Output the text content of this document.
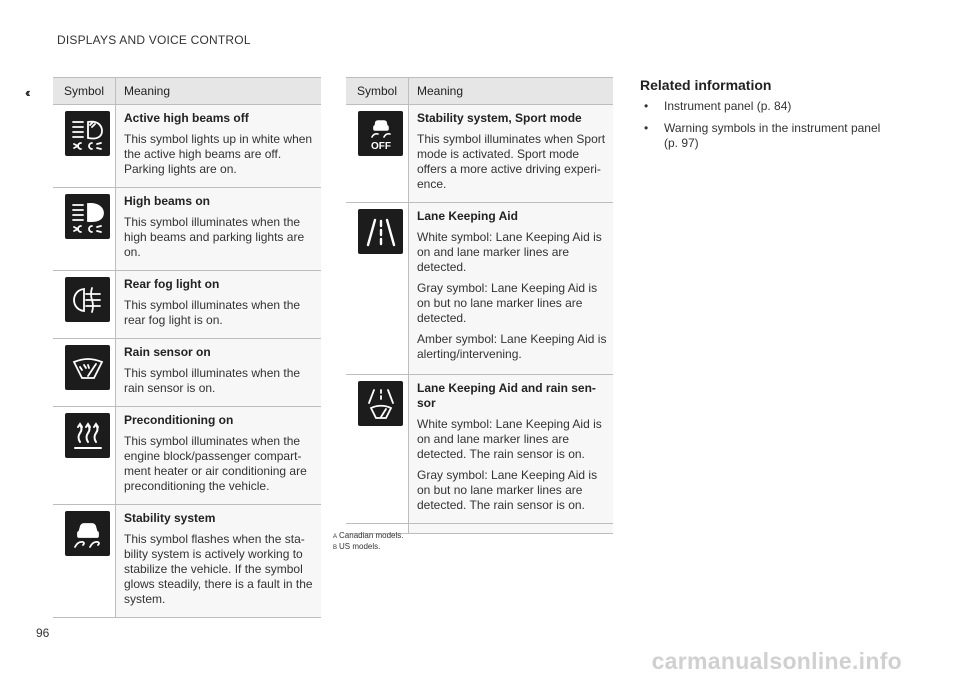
DISPLAYS AND VOICE CONTROL
‹‹	Symbol	Meaning

Active high beams off

This symbol lights up in white when the active high beams are off. Parking lights are on.

High beams on

This symbol illuminates when the high beams and parking lights are on.

Rear fog light on

This symbol illuminates when the rear fog light is on.

Rain sensor on

This symbol illuminates when the rain sensor is on.

Preconditioning on

This symbol illuminates when the engine block/passenger compart-ment heater or air conditioning are preconditioning the vehicle.

Stability system

This symbol flashes when the sta-bility system is actively working to stabilize the vehicle. If the symbol glows steadily, there is a fault in the system.

Symbol	Meaning

OFF	Stability system, Sport mode

This symbol illuminates when Sport mode is activated. Sport mode offers a more active driving experi-ence.

Lane Keeping Aid

White symbol: Lane Keeping Aid is on and lane marker lines are detected.

Gray symbol: Lane Keeping Aid is on but no lane marker lines are detected.

Amber symbol: Lane Keeping Aid is alerting/intervening.

Lane Keeping Aid and rain sen-sor

White symbol: Lane Keeping Aid is on and lane marker lines are detected. The rain sensor is on.

Gray symbol: Lane Keeping Aid is on but no lane marker lines are detected. The rain sensor is on.

A Canadian models.
B US models.
Related information
• Instrument panel (p. 84)
• Warning symbols in the instrument panel (p. 97)
96
carmanualsonline.info
